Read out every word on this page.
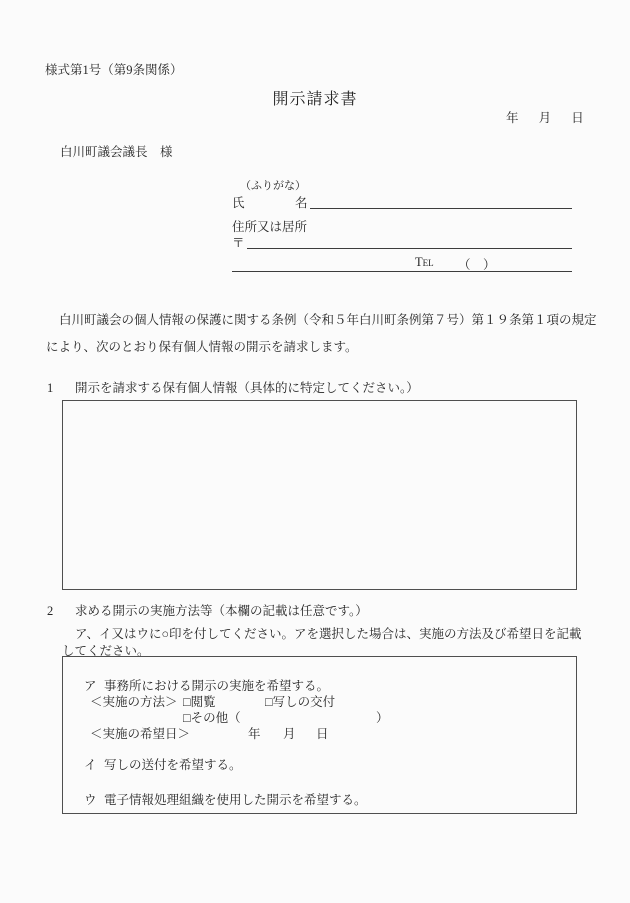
様式第1号（第9条関係）
開示請求書
年 月 日
白川町議会議長　様
（ふりがな）
氏	名
住所又は居所
〒
Tel （　）
白川町議会の個人情報の保護に関する条例（令和５年白川町条例第７号）第１９条第１項の規定
により、次のとおり保有個人情報の開示を請求します。
1 開示を請求する保有個人情報（具体的に特定してください。）
2 求める開示の実施方法等（本欄の記載は任意です。）
ア、イ又はウに○印を付してください。アを選択した場合は、実施の方法及び希望日を記載
してください。
ア 事務所における開示の実施を希望する。
＜実施の方法＞ □閲覧	□写しの交付
□その他（	）
＜実施の希望日＞	年 月 日
イ 写しの送付を希望する。
ウ 電子情報処理組織を使用した開示を希望する。
